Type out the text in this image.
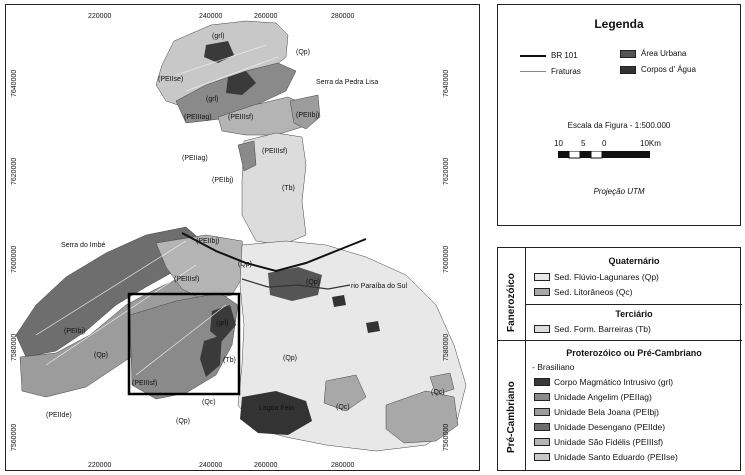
220000	240000	260000	280000
220000	240000	260000	280000
7640000
7620000
7600000
7580000
7560000
7640000
7620000
7600000
7580000
7560000
(grl)
(Qp)
(PEIIse)
(grl)
(PEIIIag) (PEIIIsf)	(PEIIbj)
(PEIIag)
(PEIIIsf)
(PEIbj)
(Tb)
(PEIIbj)
(Qp)
(Qp)
(PEIIIsf)
(PEIbj)
(Qp)
(grl)
(Tb)	(Qp)
(PEIIIsf)
(Qc)
(Qp)
(PEIIde)
(Qc)
(Qc)
Serra da Pedra Lisa
Serra do Imbé
rio Paraíba do Sul
Lagoa Feia
Legenda
BR 101
Fraturas
Área Urbana
Corpos d' Água
Escala da Figura - 1:500.000
10 5 0	10Km
Projeção UTM
Fanerozóico
Pré-Cambriano
Quaternário
Sed. Flúvio-Lagunares (Qp)
Sed. Litorâneos (Qc)
Terciário
Sed. Form. Barreiras (Tb)
Proterozóico ou Pré-Cambriano
- Brasiliano
Corpo Magmático Intrusivo (grl)
Unidade Angelim (PEIIag)
Unidade Bela Joana (PEIbj)
Unidade Desengano (PEIIde)
Unidade São Fidélis (PEIIIsf)
Unidade Santo Eduardo (PEIIse)
